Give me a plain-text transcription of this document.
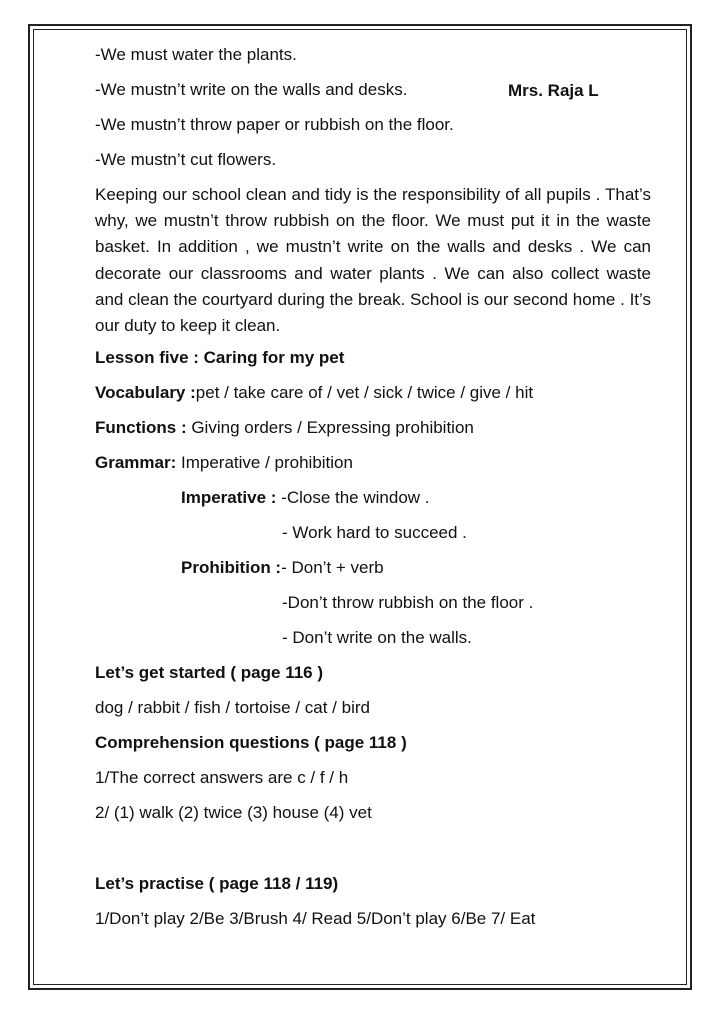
-We must water the plants.
-We mustn’t write on the walls and desks.	Mrs. Raja L
-We mustn’t throw paper or rubbish on the floor.
-We mustn’t cut flowers.
Keeping our school clean and tidy is the responsibility of all pupils . That’s why, we mustn’t throw rubbish on the floor. We must put it in the waste basket. In addition , we mustn’t write on the walls and desks . We can decorate our classrooms and water plants . We can also collect waste and clean the courtyard during the break. School is our second home . It’s our duty to keep it clean.
Lesson five : Caring for my pet
Vocabulary :pet / take care of / vet / sick / twice / give / hit
Functions : Giving orders / Expressing prohibition
Grammar: Imperative / prohibition
Imperative : -Close the window .
- Work hard to succeed .
Prohibition :- Don’t + verb
-Don’t throw rubbish on the floor .
- Don’t write on the walls.
Let’s get started ( page 116 )
dog / rabbit / fish / tortoise / cat / bird
Comprehension questions ( page 118 )
1/The correct answers are c / f / h
2/ (1) walk (2) twice (3) house (4) vet
Let’s practise ( page 118 / 119)
1/Don’t play 2/Be 3/Brush 4/ Read 5/Don’t play 6/Be 7/ Eat
